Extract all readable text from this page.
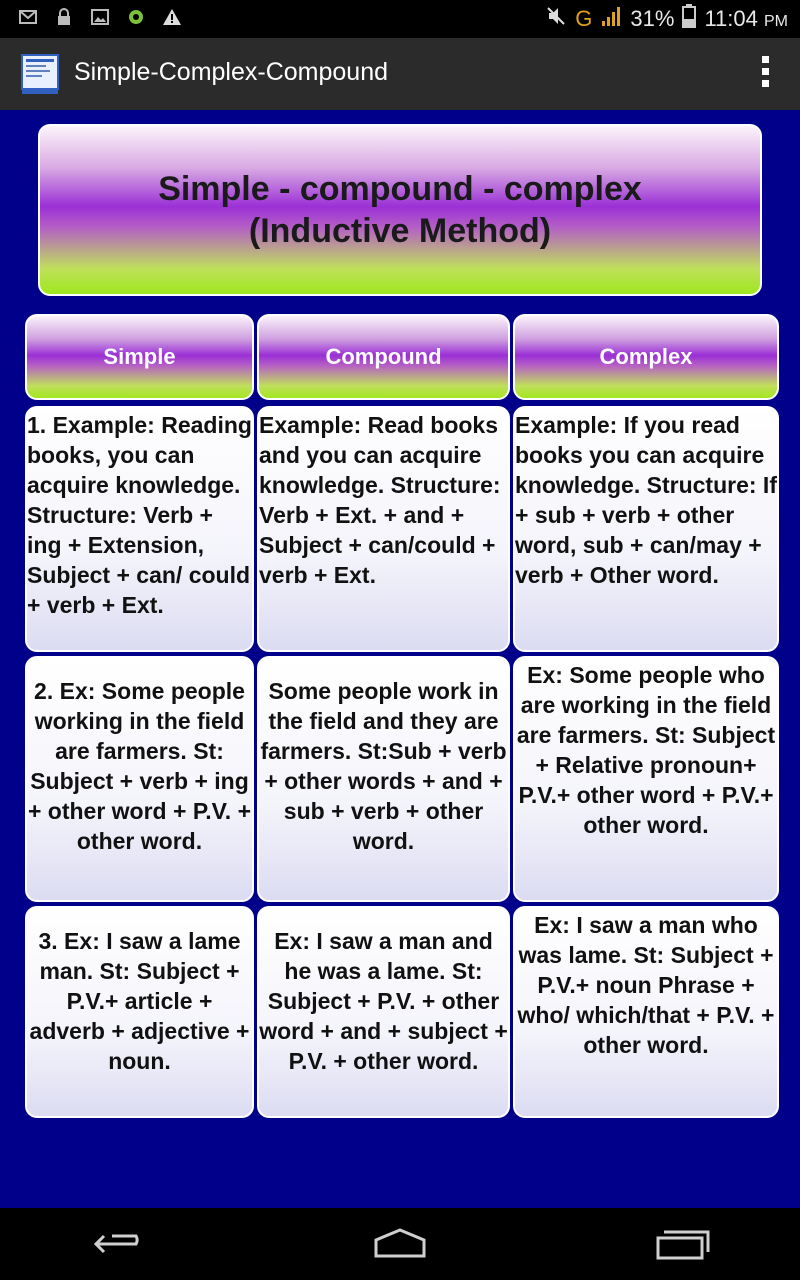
G 31% 11:04 PM
Simple-Complex-Compound
Simple - compound - complex
(Inductive Method)
Simple	Compound	Complex
1. Example: Reading books, you can acquire knowledge. Structure: Verb + ing + Extension, Subject + can/ could + verb + Ext.
Example: Read books and you can acquire knowledge. Structure: Verb + Ext. + and + Subject + can/could + verb + Ext.
Example: If you read books you can acquire knowledge. Structure: If + sub + verb + other word, sub + can/may + verb + Other word.
2. Ex: Some people working in the field are farmers. St: Subject + verb + ing + other word + P.V. + other word.
Some people work in the field and they are farmers. St:Sub + verb + other words + and + sub + verb + other word.
Ex: Some people who are working in the field are farmers. St: Subject + Relative pronoun+ P.V.+ other word + P.V.+ other word.
3. Ex: I saw a lame man. St: Subject + P.V.+ article + adverb + adjective + noun.
Ex: I saw a man and he was a lame. St: Subject + P.V. + other word + and + subject + P.V. + other word.
Ex: I saw a man who was lame. St: Subject + P.V.+ noun Phrase + who/ which/that + P.V. + other word.
